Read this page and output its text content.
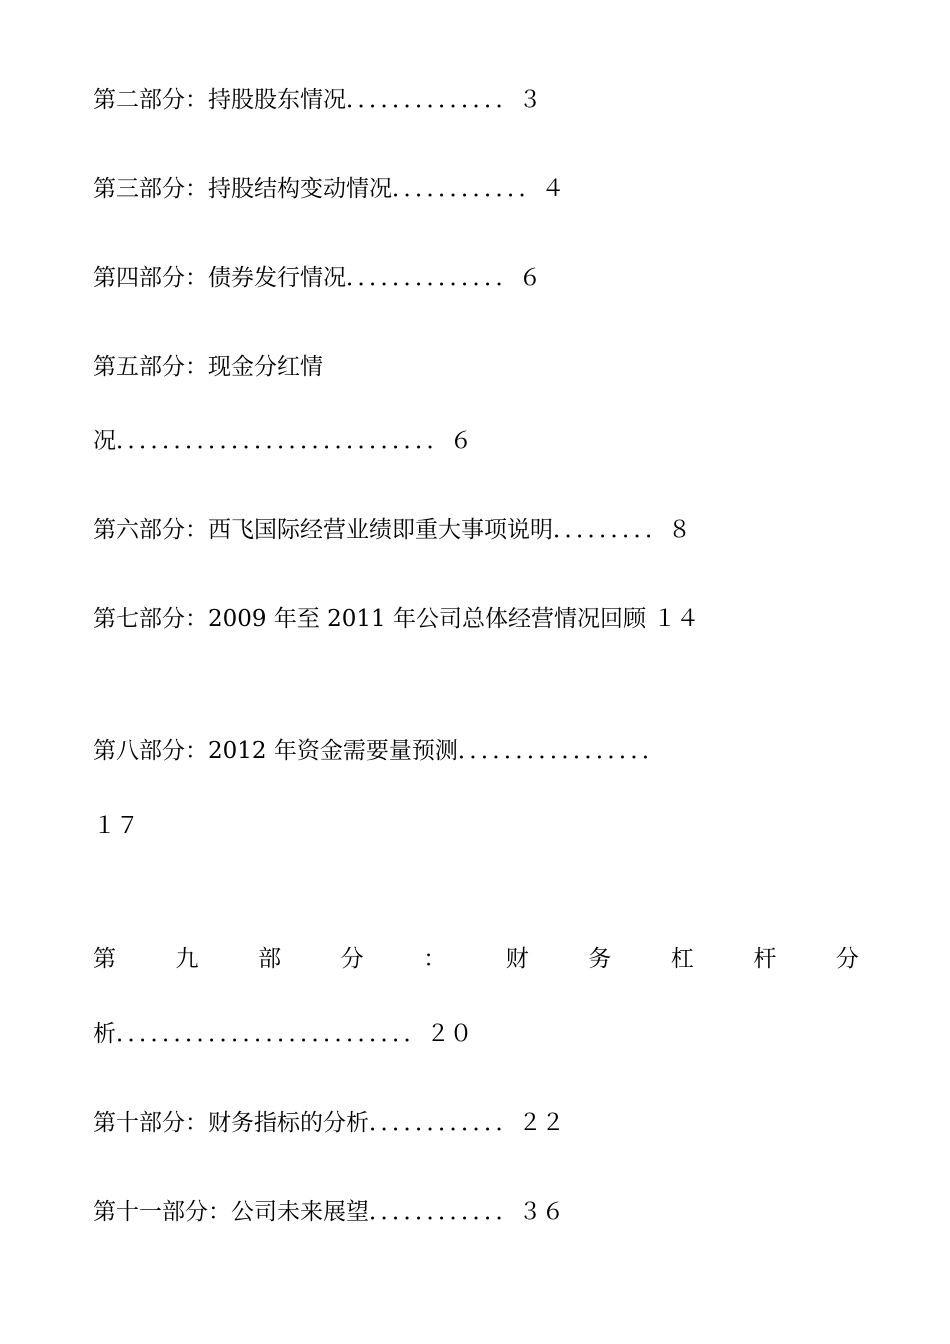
第二部分：持股股东情况．．．．．．．．．．．．．．３
第三部分：持股结构变动情况．．．．．．．．．．．．４
第四部分：债券发行情况．．．．．．．．．．．．．．６
第五部分：现金分红情
况．．．．．．．．．．．．．．．．．．．．．．．．．．．．６
第六部分：西飞国际经营业绩即重大事项说明．．．．．．．．．８
第七部分：2009 年至 2011 年公司总体经营情况回顾 １４
第八部分：2012 年资金需要量预测．．．．．．．．．．．．．．．．．
１７
第	九	部	分	：	财	务	杠	杆	分
析．．．．．．．．．．．．．．．．．．．．．．．．．．２０
第十部分：财务指标的分析．．．．．．．．．．．．２２
第十一部分：公司未来展望．．．．．．．．．．．．３６
